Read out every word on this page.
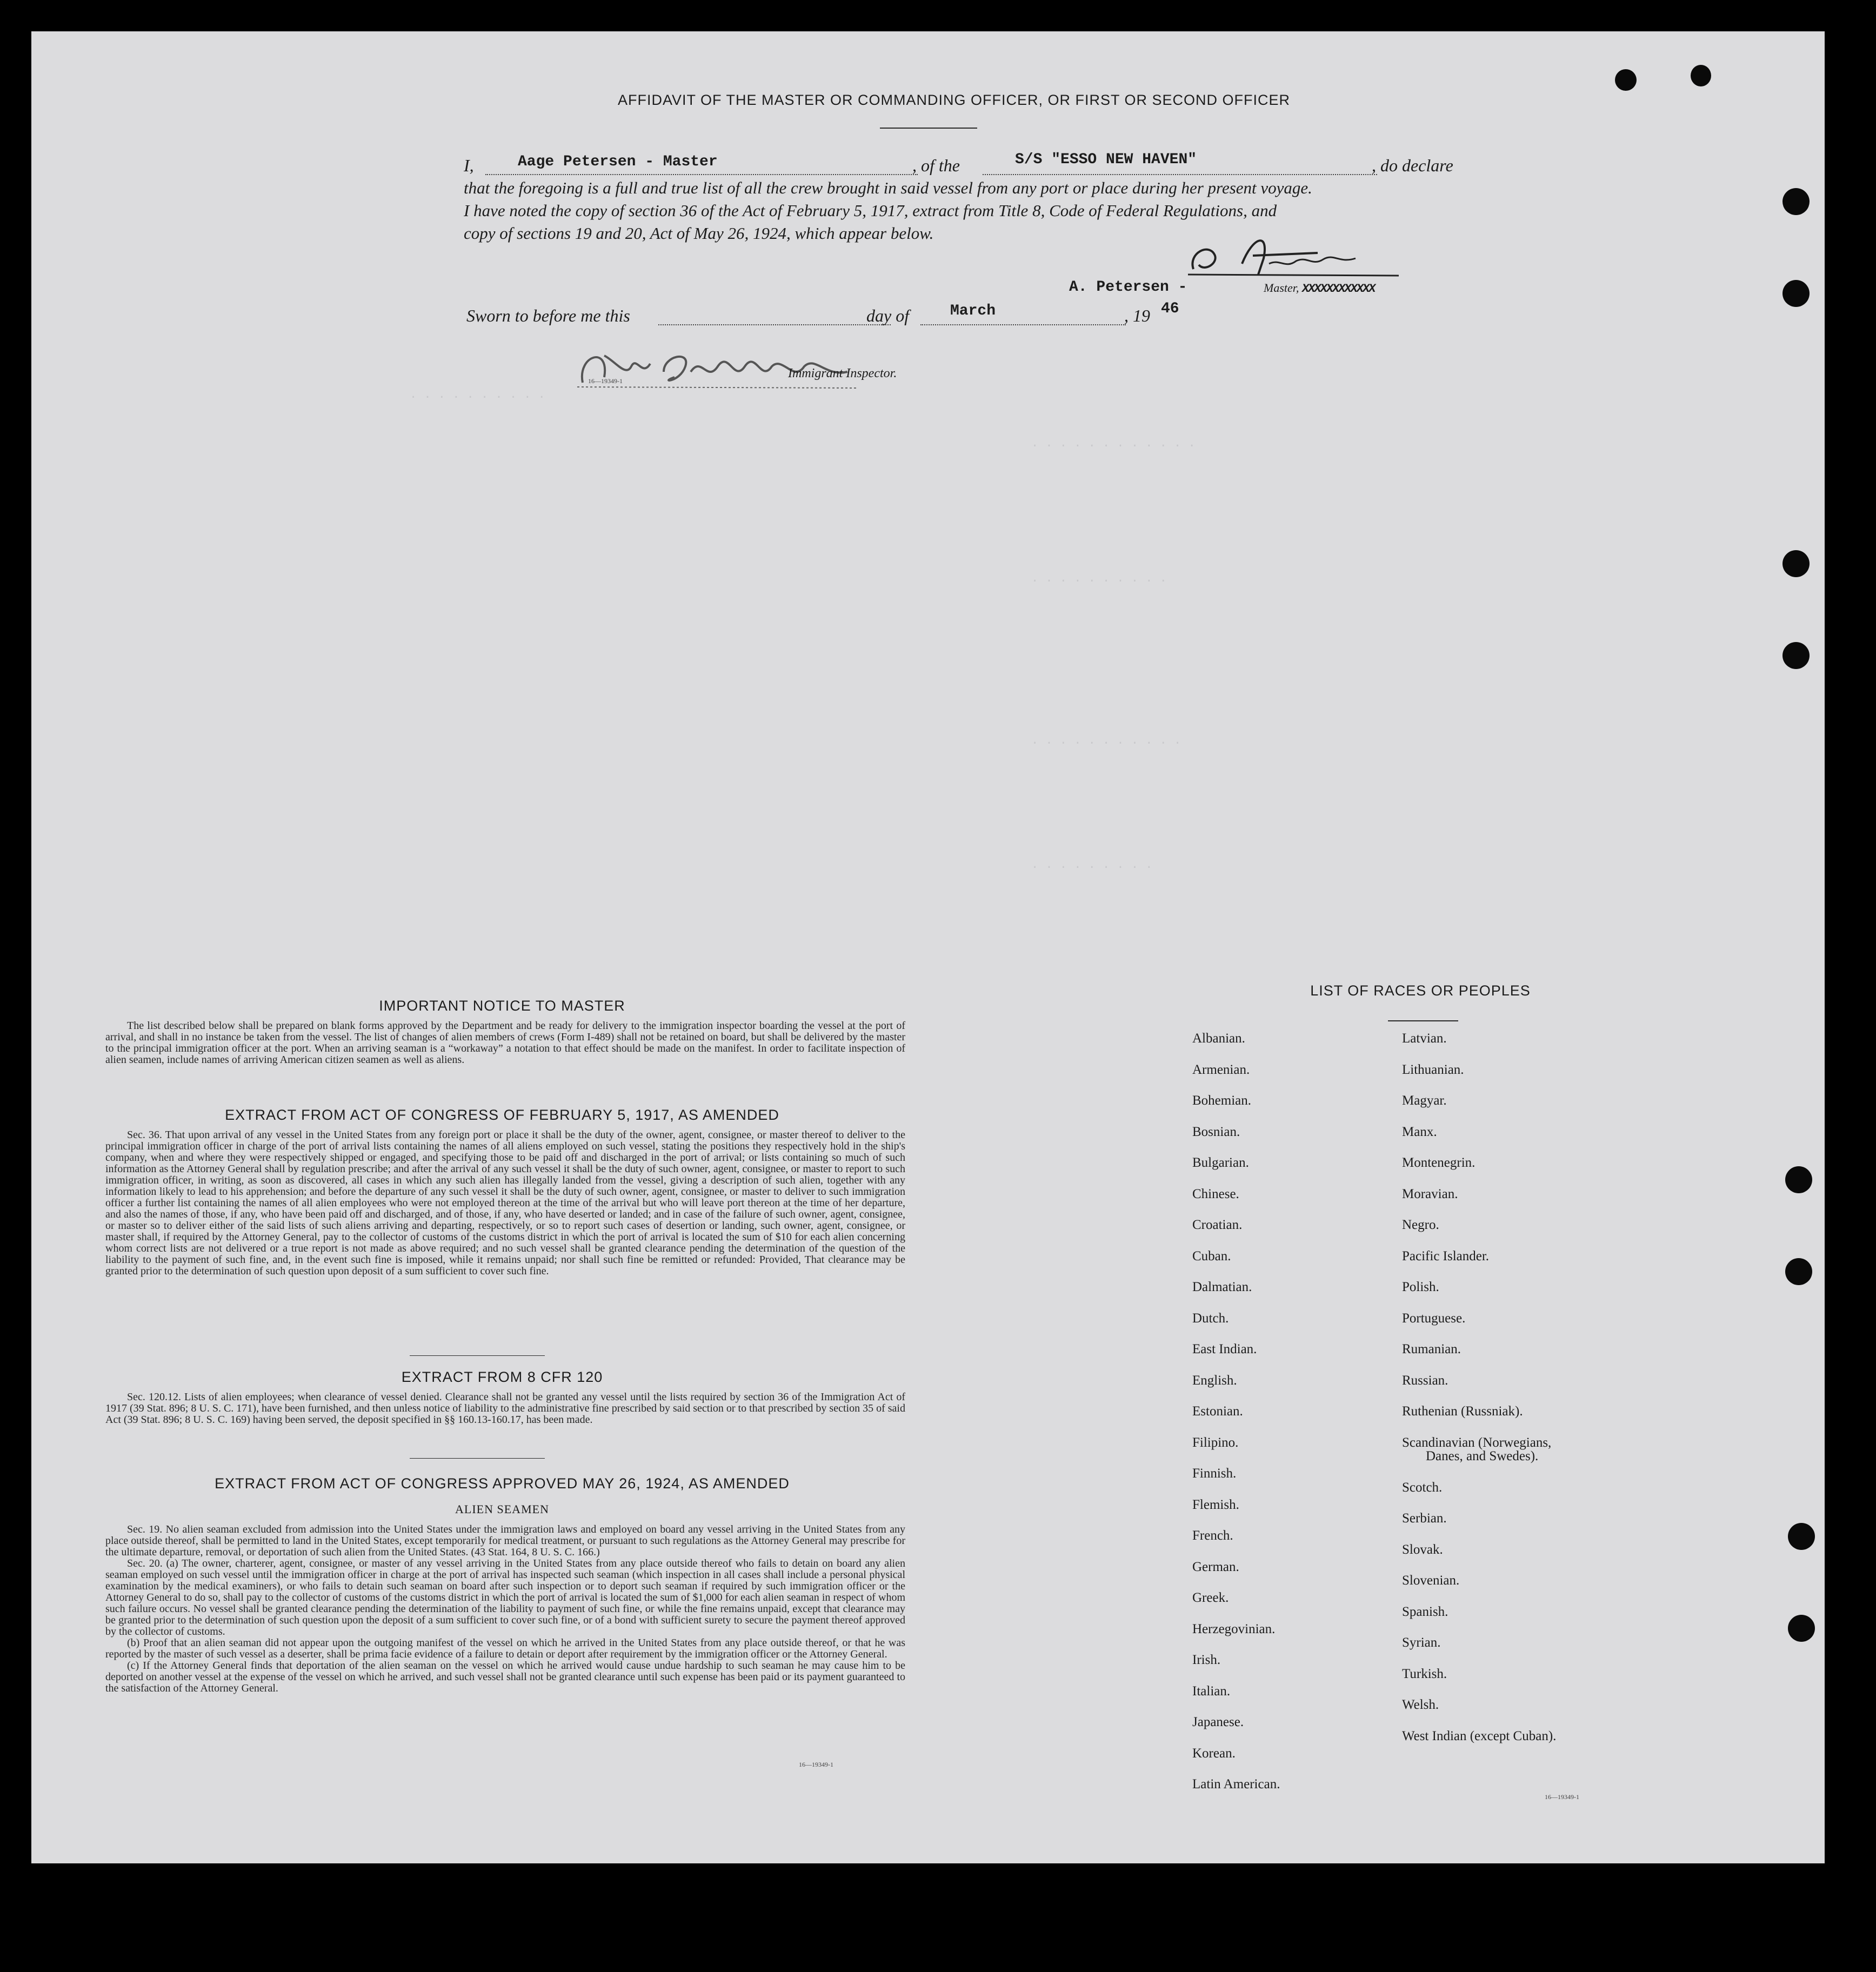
AFFIDAVIT OF THE MASTER OR COMMANDING OFFICER, OR FIRST OR SECOND OFFICER
I,	Aage Petersen - Master	, of the	S/S "ESSO NEW HAVEN"	, do declare
that the foregoing is a full and true list of all the crew brought in said vessel from any port or place during her present voyage.
I have noted the copy of section 36 of the Act of February 5, 1917, extract from Title 8, Code of Federal Regulations, and
copy of sections 19 and 20, Act of May 26, 1924, which appear below.
A. Petersen -	Master, XXXXXXXXXXXX
Sworn to before me this	day of	March	, 19 46
16—19349-1
Immigrant Inspector.
. . . . . . . . . .
. . . . . . . . . . . .
. . . . . . . . . .
. . . . . . . . . . .
. . . . . . . . .
IMPORTANT NOTICE TO MASTER
The list described below shall be prepared on blank forms approved by the Department and be ready for delivery to the immigration inspector boarding the vessel at the port of arrival, and shall in no instance be taken from the vessel. The list of changes of alien members of crews (Form I-489) shall not be retained on board, but shall be delivered by the master to the principal immigration officer at the port. When an arriving seaman is a “workaway” a notation to that effect should be made on the manifest. In order to facilitate inspection of alien seamen, include names of arriving American citizen seamen as well as aliens.
EXTRACT FROM ACT OF CONGRESS OF FEBRUARY 5, 1917, AS AMENDED
Sec. 36. That upon arrival of any vessel in the United States from any foreign port or place it shall be the duty of the owner, agent, consignee, or master thereof to deliver to the principal immigration officer in charge of the port of arrival lists containing the names of all aliens employed on such vessel, stating the positions they respectively hold in the ship's company, when and where they were respectively shipped or engaged, and specifying those to be paid off and discharged in the port of arrival; or lists containing so much of such information as the Attorney General shall by regulation prescribe; and after the arrival of any such vessel it shall be the duty of such owner, agent, consignee, or master to report to such immigration officer, in writing, as soon as discovered, all cases in which any such alien has illegally landed from the vessel, giving a description of such alien, together with any information likely to lead to his apprehension; and before the departure of any such vessel it shall be the duty of such owner, agent, consignee, or master to deliver to such immigration officer a further list containing the names of all alien employees who were not employed thereon at the time of the arrival but who will leave port thereon at the time of her departure, and also the names of those, if any, who have been paid off and discharged, and of those, if any, who have deserted or landed; and in case of the failure of such owner, agent, consignee, or master so to deliver either of the said lists of such aliens arriving and departing, respectively, or so to report such cases of desertion or landing, such owner, agent, consignee, or master shall, if required by the Attorney General, pay to the collector of customs of the customs district in which the port of arrival is located the sum of $10 for each alien concerning whom correct lists are not delivered or a true report is not made as above required; and no such vessel shall be granted clearance pending the determination of the question of the liability to the payment of such fine, and, in the event such fine is imposed, while it remains unpaid; nor shall such fine be remitted or refunded: Provided, That clearance may be granted prior to the determination of such question upon deposit of a sum sufficient to cover such fine.
EXTRACT FROM 8 CFR 120
Sec. 120.12. Lists of alien employees; when clearance of vessel denied. Clearance shall not be granted any vessel until the lists required by section 36 of the Immigration Act of 1917 (39 Stat. 896; 8 U. S. C. 171), have been furnished, and then unless notice of liability to the administrative fine prescribed by said section or to that prescribed by section 35 of said Act (39 Stat. 896; 8 U. S. C. 169) having been served, the deposit specified in §§ 160.13-160.17, has been made.
EXTRACT FROM ACT OF CONGRESS APPROVED MAY 26, 1924, AS AMENDED
ALIEN SEAMEN

Sec. 19. No alien seaman excluded from admission into the United States under the immigration laws and employed on board any vessel arriving in the United States from any place outside thereof, shall be permitted to land in the United States, except temporarily for medical treatment, or pursuant to such regulations as the Attorney General may prescribe for the ultimate departure, removal, or deportation of such alien from the United States. (43 Stat. 164, 8 U. S. C. 166.)

Sec. 20. (a) The owner, charterer, agent, consignee, or master of any vessel arriving in the United States from any place outside thereof who fails to detain on board any alien seaman employed on such vessel until the immigration officer in charge at the port of arrival has inspected such seaman (which inspection in all cases shall include a personal physical examination by the medical examiners), or who fails to detain such seaman on board after such inspection or to deport such seaman if required by such immigration officer or the Attorney General to do so, shall pay to the collector of customs of the customs district in which the port of arrival is located the sum of $1,000 for each alien seaman in respect of whom such failure occurs. No vessel shall be granted clearance pending the determination of the liability to payment of such fine, or while the fine remains unpaid, except that clearance may be granted prior to the determination of such question upon the deposit of a sum sufficient to cover such fine, or of a bond with sufficient surety to secure the payment thereof approved by the collector of customs.

(b) Proof that an alien seaman did not appear upon the outgoing manifest of the vessel on which he arrived in the United States from any place outside thereof, or that he was reported by the master of such vessel as a deserter, shall be prima facie evidence of a failure to detain or deport after requirement by the immigration officer or the Attorney General.

(c) If the Attorney General finds that deportation of the alien seaman on the vessel on which he arrived would cause undue hardship to such seaman he may cause him to be deported on another vessel at the expense of the vessel on which he arrived, and such vessel shall not be granted clearance until such expense has been paid or its payment guaranteed to the satisfaction of the Attorney General.

16—19349-1
LIST OF RACES OR PEOPLES
Albanian.
Armenian.
Bohemian.
Bosnian.
Bulgarian.
Chinese.
Croatian.
Cuban.
Dalmatian.
Dutch.
East Indian.
English.
Estonian.
Filipino.
Finnish.
Flemish.
French.
German.
Greek.
Herzegovinian.
Irish.
Italian.
Japanese.
Korean.
Latin American.
Latvian.
Lithuanian.
Magyar.
Manx.
Montenegrin.
Moravian.
Negro.
Pacific Islander.
Polish.
Portuguese.
Rumanian.
Russian.
Ruthenian (Russniak).
Scandinavian (Norwegians,
Danes, and Swedes).
Scotch.
Serbian.
Slovak.
Slovenian.
Spanish.
Syrian.
Turkish.
Welsh.
West Indian (except Cuban).
16—19349-1
